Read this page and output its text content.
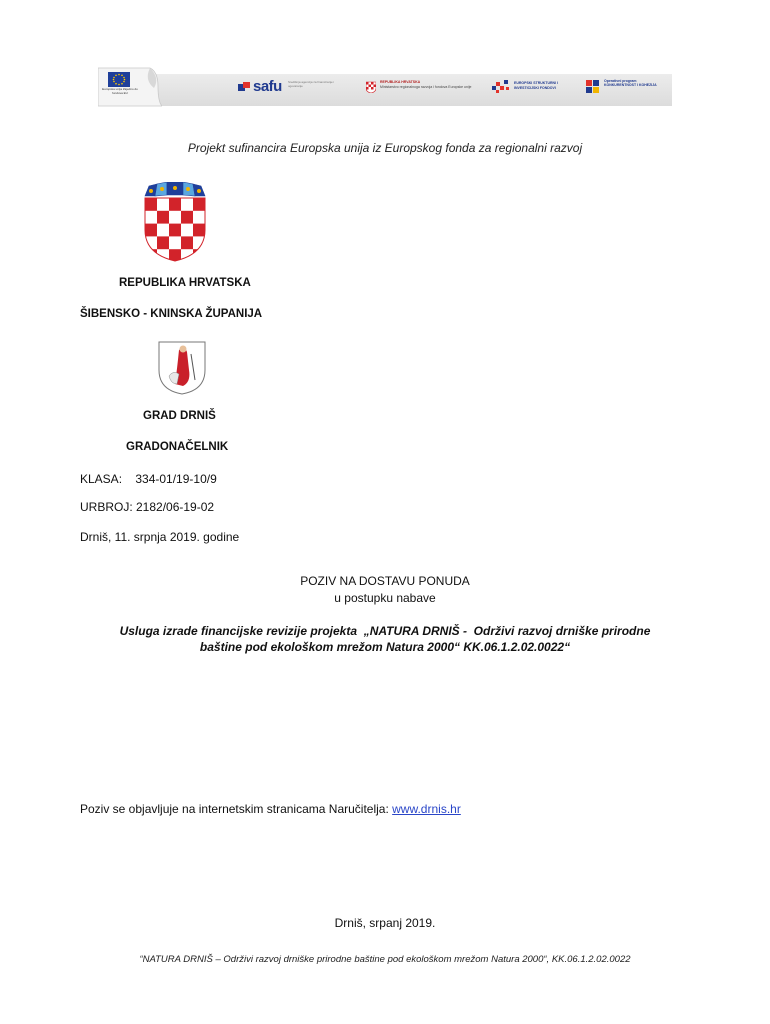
Europska unija Zajedno do fondova EU	safu Središnja agencija za financiranje i ugovaranje
REPUBLIKA HRVATSKA
Ministarstvo regionalnoga razvoja i fondova Europske unije
EUROPSKI STRUKTURNI I INVESTICIJSKI FONDOVI
Operativni program KONKURENTNOST I KOHEZIJA
Projekt sufinancira Europska unija iz Europskog fonda za regionalni razvoj
REPUBLIKA HRVATSKA
ŠIBENSKO - KNINSKA ŽUPANIJA
GRAD DRNIŠ
GRADONAČELNIK
KLASA:    334-01/19-10/9
URBROJ: 2182/06-19-02
Drniš, 11. srpnja 2019. godine
POZIV NA DOSTAVU PONUDA
u postupku nabave
Usluga izrade financijske revizije projekta  „NATURA DRNIŠ -  Održivi razvoj drniške prirodne
baštine pod ekološkom mrežom Natura 2000“ KK.06.1.2.02.0022“
Poziv se objavljuje na internetskim stranicama Naručitelja: www.drnis.hr
Drniš, srpanj 2019.
“NATURA DRNIŠ – Održivi razvoj drniške prirodne baštine pod ekološkom mrežom Natura 2000“, KK.06.1.2.02.0022
